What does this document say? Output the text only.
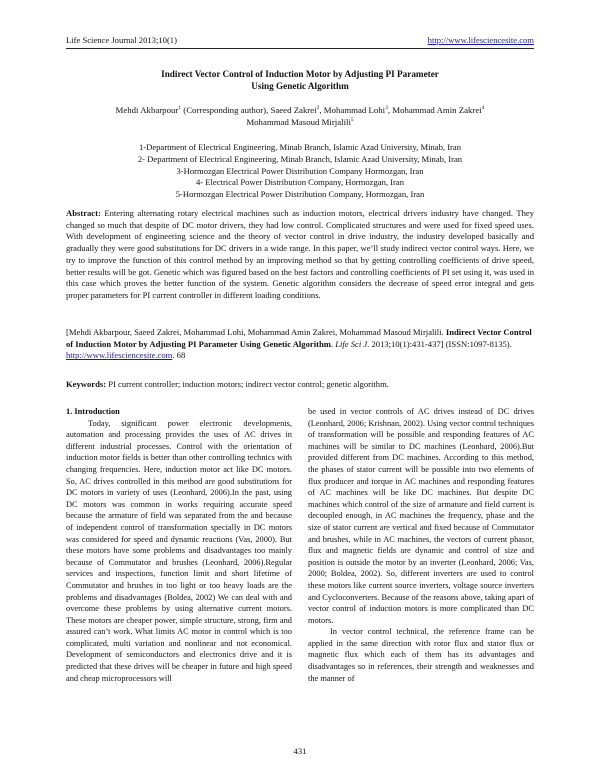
Life Science Journal 2013;10(1)	http://www.lifesciencesite.com
Indirect Vector Control of Induction Motor by Adjusting PI Parameter
Using Genetic Algorithm
Mehdi Akbarpour$^1$ (Corresponding author), Saeed Zakrei$^2$, Mohammad Lohi$^3$, Mohammad Amin Zakrei$^4$
Mohammad Masoud Mirjalili$^5$
1-Department of Electrical Engineering, Minab Branch, Islamic Azad University, Minab, Iran
2- Department of Electrical Engineering, Minab Branch, Islamic Azad University, Minab, Iran
3-Hormozgan Electrical Power Distribution Company Hormozgan, Iran
4- Electrical Power Distribution Company, Hormozgan, Iran
5-Hormozgan Electrical Power Distribution Company, Hormozgan, Iran
Abstract: Entering alternating rotary electrical machines such as induction motors, electrical drivers industry have changed. They changed so much that despite of DC motor drivers, they had low control. Complicated structures and were used for fixed speed uses. With development of engineering science and the theory of vector control in drive industry, the industry developed basically and gradually they were good substitutions for DC drivers in a wide range. In this paper, we’ll study indirect vector control ways. Here, we try to improve the function of this control method by an improving method so that by getting controlling coefficients of drive speed, better results will be got. Genetic which was figured based on the best factors and controlling coefficients of PI set using it, was used in this case which proves the better function of the system. Genetic algorithm considers the decrease of speed error integral and gets proper parameters for PI current controller in different loading conditions.
[Mehdi Akbarpour, Saeed Zakrei, Mohammad Lohi, Mohammad Amin Zakrei, Mohammad Masoud Mirjalili. Indirect Vector Control of Induction Motor by Adjusting PI Parameter Using Genetic Algorithm. Life Sci J. 2013;10(1):431-437] (ISSN:1097-8135). http://www.lifesciencesite.com. 68
Keywords: PI current controller; induction motors; indirect vector control; genetic algorithm.

1. Introduction

Today, significant power electronic developments, automation and processing provides the uses of AC drives in different industrial processes. Control with the orientation of induction motor fields is better than other controlling technics with changing frequencies. Here, induction motor act like DC motors. So, AC drives controlled in this method are good substitutions for DC motors in variety of uses (Leonhard, 2006).In the past, using DC motors was common in works requiring accurate speed because the armature of field was separated from the and because of independent control of transformation specially in DC motors was considered for speed and dynamic reactions (Vas, 2000). But these motors have some problems and disadvantages too mainly because of Commutator and brushes (Leonhard, 2006).Regular services and inspections, function limit and short lifetime of Commutator and brushes in too light or too heavy loads are the problems and disadvantages (Boldea, 2002) We can deal with and overcome these problems by using alternative current motors. These motors are cheaper power, simple structure, strong, firm and assured can’t work. What limits AC motor in control which is too complicated, multi variation and nonlinear and not economical. Development of semiconductors and electronics drive and it is predicted that these drives will be cheaper in future and high speed and cheap microprocessors will

be used in vector controls of AC drives instead of DC drives (Leonhard, 2006; Krishnan, 2002). Using vector control techniques of transformation will be possible and responding features of AC machines will be similar to DC machines (Leonhard, 2006).But provided different from DC machines. According to this method, the phases of stator current will be possible into two elements of flux producer and torque in AC machines and responding features of AC machines will be like DC machines. But despite DC machines which control of the size of armature and field current is decoupled enough, in AC machines the frequency, phase and the size of stator current are vertical and fixed because of Commutator and brushes, while in AC machines, the vectors of current phasor, flux and magnetic fields are dynamic and control of size and position is outside the motor by an inverter (Leonhard, 2006; Vas, 2000; Boldea, 2002). So, different inverters are used to control these motors like current source inverters, voltage source inverters and Cycloconverters. Because of the reasons above, taking apart of vector control of induction motors is more complicated than DC motors.

In vector control technical, the reference frame can be applied in the same direction with rotor flux and stator flux or magnetic flux which each of them has its advantages and disadvantages so in references, their strength and weaknesses and the manner of

431
